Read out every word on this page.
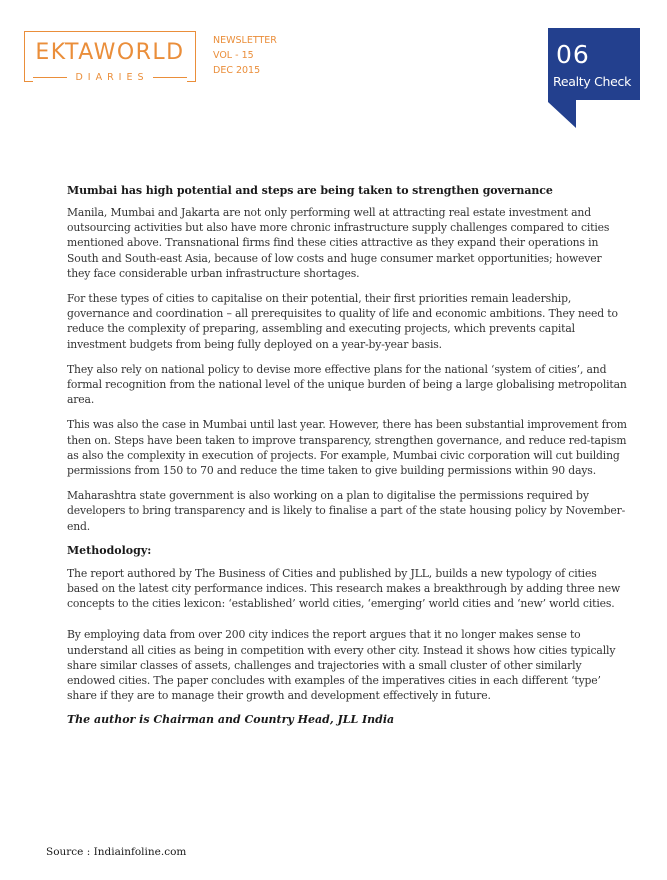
EKTAWORLD
DIARIES
NEWSLETTER
VOL - 15
DEC 2015
06
Realty Check
Mumbai has high potential and steps are being taken to strengthen governance

Manila, Mumbai and Jakarta are not only performing well at attracting real estate investment and outsourcing activities but also have more chronic infrastructure supply challenges compared to cities mentioned above. Transnational firms find these cities attractive as they expand their operations in South and South-east Asia, because of low costs and huge consumer market opportunities; however they face considerable urban infrastructure shortages.

For these types of cities to capitalise on their potential, their first priorities remain leadership, governance and coordination – all prerequisites to quality of life and economic ambitions. They need to reduce the complexity of preparing, assembling and executing projects, which prevents capital investment budgets from being fully deployed on a year-by-year basis.

They also rely on national policy to devise more effective plans for the national ‘system of cities’, and formal recognition from the national level of the unique burden of being a large globalising metropolitan area.

This was also the case in Mumbai until last year. However, there has been substantial improvement from then on. Steps have been taken to improve transparency, strengthen governance, and reduce red-tapism as also the complexity in execution of projects. For example, Mumbai civic corporation will cut building permissions from 150 to 70 and reduce the time taken to give building permissions within 90 days.

Maharashtra state government is also working on a plan to digitalise the permissions required by developers to bring transparency and is likely to finalise a part of the state housing policy by November-end.

Methodology:

The report authored by The Business of Cities and published by JLL, builds a new typology of cities based on the latest city performance indices. This research makes a breakthrough by adding three new concepts to the cities lexicon: ‘established’ world cities, ‘emerging’ world cities and ‘new’ world cities.

By employing data from over 200 city indices the report argues that it no longer makes sense to understand all cities as being in competition with every other city. Instead it shows how cities typically share similar classes of assets, challenges and trajectories with a small cluster of other similarly endowed cities. The paper concludes with examples of the imperatives cities in each different ‘type’ share if they are to manage their growth and development effectively in future.

The author is Chairman and Country Head, JLL India
Source : Indiainfoline.com
